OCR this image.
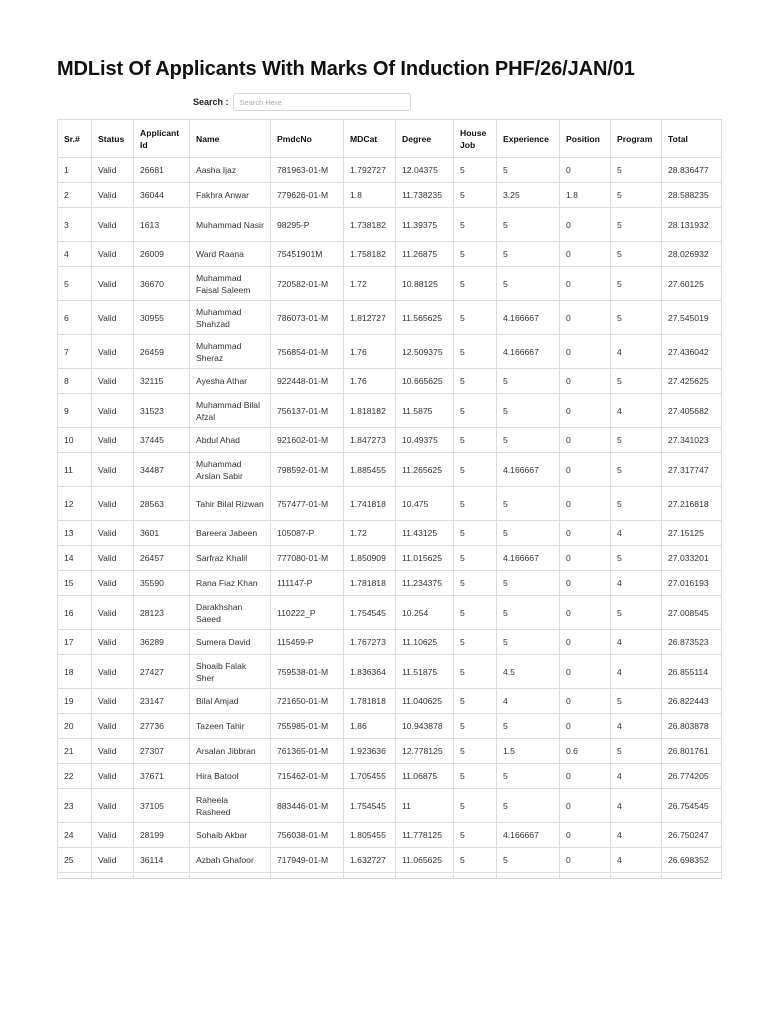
MDList Of Applicants With Marks Of Induction PHF/26/JAN/01
Search :
Search Here
Sr.#	Status	Applicant Id	Name	PmdcNo	MDCat	Degree	House Job	Experience	Position	Program	Total
1	Valid	26681	Aasha Ijaz	781963-01-M	1.792727	12.04375	5	5	0	5	28.836477
2	Valid	36044	Fakhra Anwar	779626-01-M	1.8	11.738235	5	3.25	1.8	5	28.588235
3	Valid	1613	Muhammad Nasir	98295-P	1.738182	11.39375	5	5	0	5	28.131932
4	Valid	26009	Ward Raana	75451901M	1.758182	11.26875	5	5	0	5	28.026932
5	Valid	36670	Muhammad Faisal Saleem	720582-01-M	1.72	10.88125	5	5	0	5	27.60125
6	Valid	30955	Muhammad Shahzad	786073-01-M	1.812727	11.565625	5	4.166667	0	5	27.545019
7	Valid	26459	Muhammad Sheraz	756854-01-M	1.76	12.509375	5	4.166667	0	4	27.436042
8	Valid	32115	Ayesha Athar	922448-01-M	1.76	10.665625	5	5	0	5	27.425625
9	Valid	31523	Muhammad Bilal Afzal	756137-01-M	1.818182	11.5875	5	5	0	4	27.405682
10	Valid	37445	Abdul Ahad	921602-01-M	1.847273	10.49375	5	5	0	5	27.341023
11	Valid	34487	Muhammad Arslan Sabir	798592-01-M	1.885455	11.265625	5	4.166667	0	5	27.317747
12	Valid	28563	Tahir Bilal Rizwan	757477-01-M	1.741818	10.475	5	5	0	5	27.216818
13	Valid	3601	Bareera Jabeen	105087-P	1.72	11.43125	5	5	0	4	27.15125
14	Valid	26457	Sarfraz Khalil	777080-01-M	1.850909	11.015625	5	4.166667	0	5	27.033201
15	Valid	35590	Rana Fiaz Khan	111147-P	1.781818	11.234375	5	5	0	4	27.016193
16	Valid	28123	Darakhshan Saeed	110222_P	1.754545	10.254	5	5	0	5	27.008545
17	Valid	36289	Sumera David	115459-P	1.767273	11.10625	5	5	0	4	26.873523
18	Valid	27427	Shoaib Falak Sher	759538-01-M	1.836364	11.51875	5	4.5	0	4	26.855114
19	Valid	23147	Bilal Amjad	721650-01-M	1.781818	11.040625	5	4	0	5	26.822443
20	Valid	27736	Tazeen Tahir	755985-01-M	1.86	10.943878	5	5	0	4	26.803878
21	Valid	27307	Arsalan Jibbran	761365-01-M	1.923636	12.778125	5	1.5	0.6	5	26.801761
22	Valid	37671	Hira Batool	715462-01-M	1.705455	11.06875	5	5	0	4	26.774205
23	Valid	37105	Raheela Rasheed	883446-01-M	1.754545	11	5	5	0	4	26.754545
24	Valid	28199	Sohaib Akbar	756038-01-M	1.805455	11.778125	5	4.166667	0	4	26.750247
25	Valid	36114	Azbah Ghafoor	717949-01-M	1.632727	11.065625	5	5	0	4	26.698352
